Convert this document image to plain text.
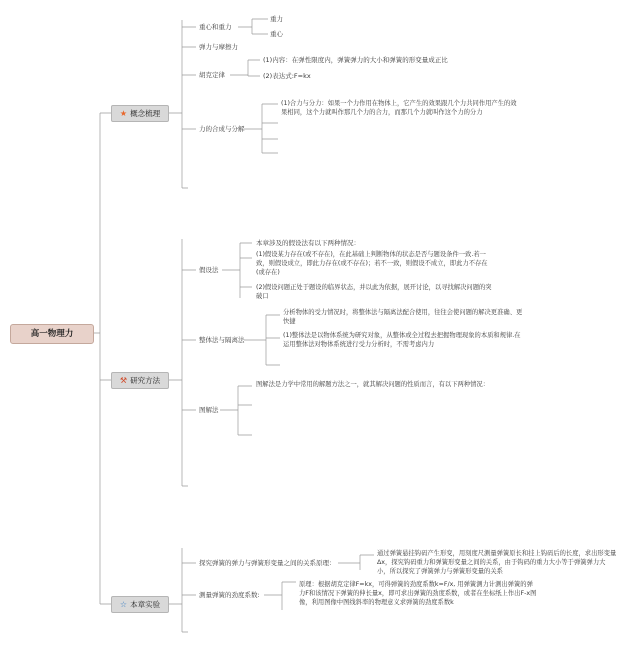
高一物理力
★ 概念梳理
重心和重力
重力
重心
弹力与摩擦力
胡克定律
(1)内容：在弹性限度内，弹簧弹力的大小和弹簧的形变量成正比
(2)表达式:F=kx
力的合成与分解
(1)合力与分力：如果一个力作用在物体上，它产生的效果跟几个力共同作用产生的效果相同，这个力就叫作那几个力的合力，而那几个力就叫作这个力的分力
⚒ 研究方法
假设法
本章涉及的假设法有以下两种情况：
(1)假设某力存在(或不存在)，在此基础上判断物体的状态是否与题设条件一致.若一致，则假设成立，即此力存在(或不存在)；若不一致，则假设不成立，即此力不存在(或存在)
(2)假设问题正处于题设的临界状态，并以此为依据，展开讨论，以寻找解决问题的突破口
整体法与隔离法
分析物体的受力情况时，将整体法与隔离法配合使用，往往会使问题的解决更准确、更快捷
(1)整体法是以物体系统为研究对象，从整体或全过程去把握物理现象的本质和规律.在运用整体法对物体系统进行受力分析时，不需考虑内力
图解法
图解法是力学中常用的解题方法之一，就其解决问题的性质而言，有以下两种情况：
☆ 本章实验
探究弹簧的弹力与弹簧形变量之间的关系原理：
通过弹簧悬挂钩码产生形变，用刻度尺测量弹簧原长和挂上钩码后的长度，求出形变量Δx，探究钩码重力和弹簧形变量之间的关系，由于钩码的重力大小等于弹簧弹力大小，所以探究了弹簧弹力与弹簧形变量的关系
测量弹簧的劲度系数:
原理：根据胡克定律F=kx，可得弹簧的劲度系数k=F/x, 用弹簧测力计测出弹簧的弹力F和该情况下弹簧的伸长量x，即可求出弹簧的劲度系数，或者在坐标纸上作出F-x图像，利用图像中图线斜率的物理意义求弹簧的劲度系数k
